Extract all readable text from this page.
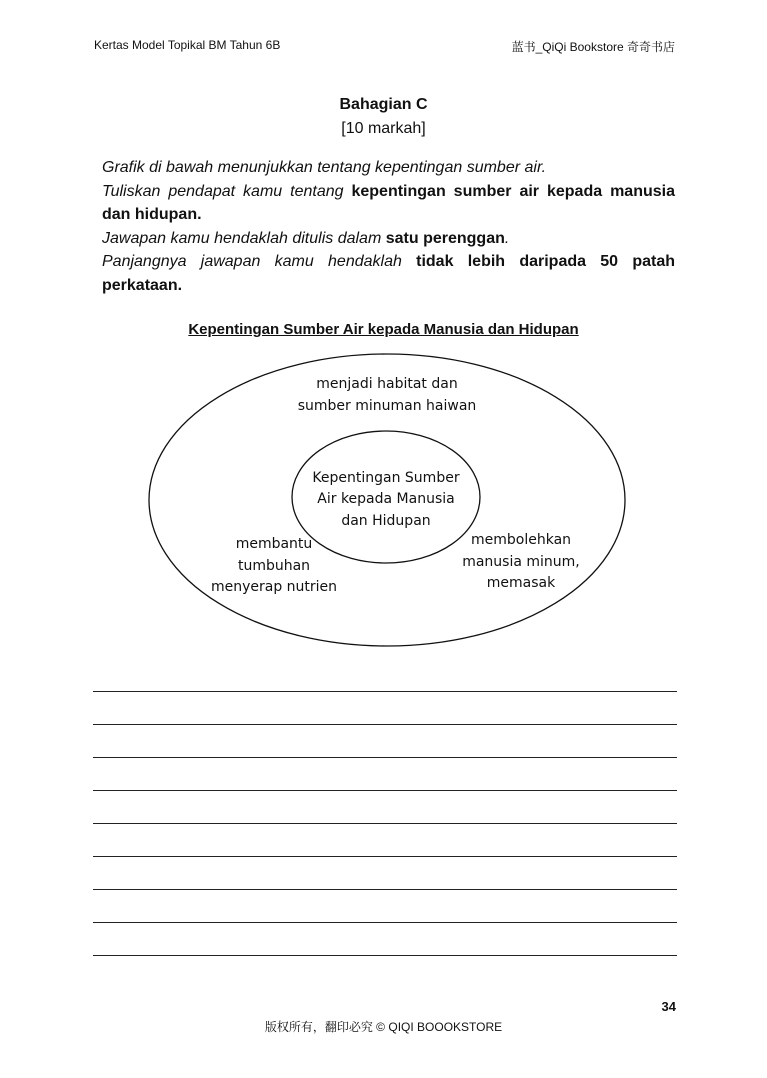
Kertas Model Topikal BM Tahun 6B	蓝书_QiQi Bookstore 奇奇书店
Bahagian C
[10 markah]

Grafik di bawah menunjukkan tentang kepentingan sumber air.

Tuliskan pendapat kamu tentang kepentingan sumber air kepada manusia dan hidupan.

Jawapan kamu hendaklah ditulis dalam satu perenggan.

Panjangnya jawapan kamu hendaklah tidak lebih daripada 50 patah perkataan.

Kepentingan Sumber Air kepada Manusia dan Hidupan
Kepentingan Sumber
Air kepada Manusia
dan Hidupan
menjadi habitat dan
sumber minuman haiwan
membantu
tumbuhan
menyerap nutrien
membolehkan
manusia minum,
memasak
34
版权所有，翻印必究 © QIQI BOOOKSTORE
